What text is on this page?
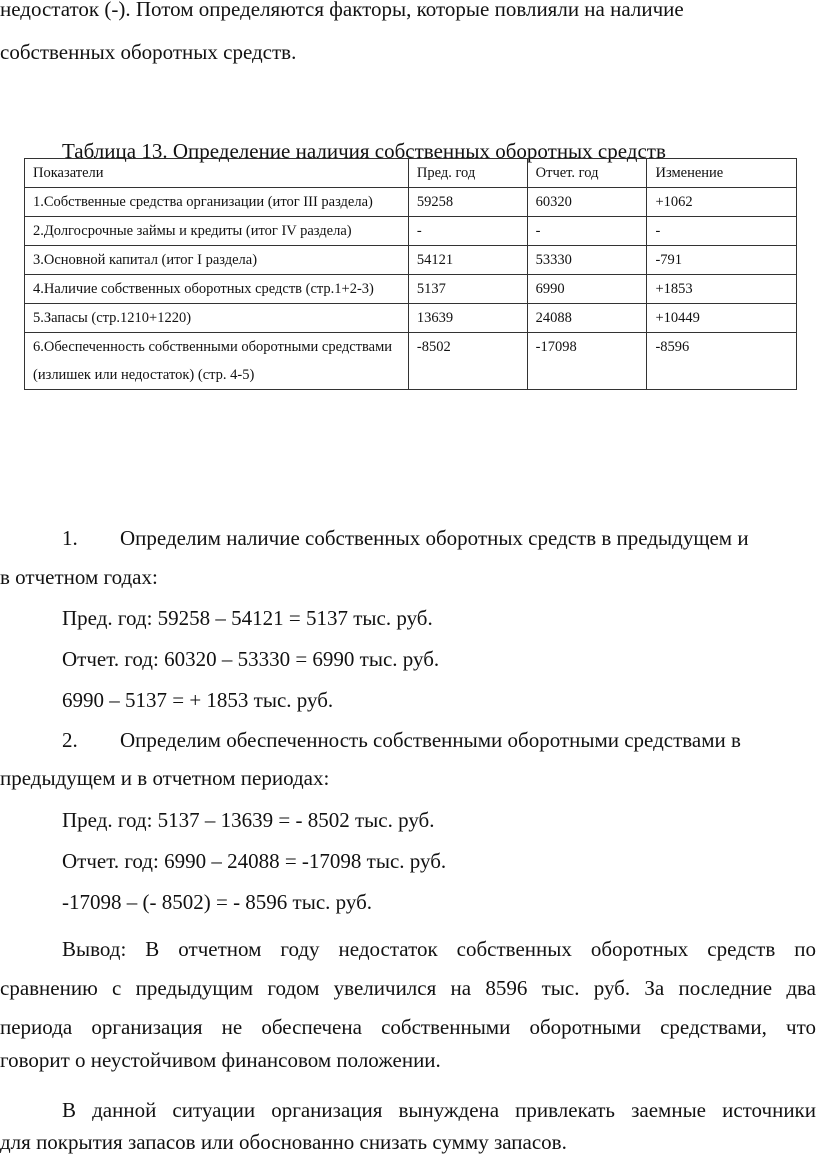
недостаток (-). Потом определяются факторы, которые повлияли на наличие

собственных оборотных средств.

Таблица 13. Определение наличия собственных оборотных средств

Показатели	Пред. год	Отчет. год	Изменение
1.Собственные средства организации (итог III раздела)	59258	60320	+1062
2.Долгосрочные займы и кредиты (итог IV раздела)	-	-	-
3.Основной капитал (итог I раздела)	54121	53330	-791
4.Наличие собственных оборотных средств (стр.1+2-3)	5137	6990	+1853
5.Запасы (стр.1210+1220)	13639	24088	+10449
6.Обеспеченность собственными оборотными средствами (излишек или недостаток) (стр. 4-5)	-8502	-17098	-8596

1. Определим наличие собственных оборотных средств в предыдущем и

в отчетном годах:

Пред. год: 59258 – 54121 = 5137 тыс. руб.

Отчет. год: 60320 – 53330 = 6990 тыс. руб.

6990 – 5137 = + 1853 тыс. руб.

2. Определим обеспеченность собственными оборотными средствами в

предыдущем и в отчетном периодах:

Пред. год: 5137 – 13639 = - 8502 тыс. руб.

Отчет. год: 6990 – 24088 = -17098 тыс. руб.

-17098 – (- 8502) = - 8596 тыс. руб.

Вывод: В отчетном году недостаток собственных оборотных средств по
сравнению с предыдущим годом увеличился на 8596 тыс. руб. За последние два
периода организация не обеспечена собственными оборотными средствами, что

говорит о неустойчивом финансовом положении.

В данной ситуации организация вынуждена привлекать заемные источники

для покрытия запасов или обоснованно снизать сумму запасов.
